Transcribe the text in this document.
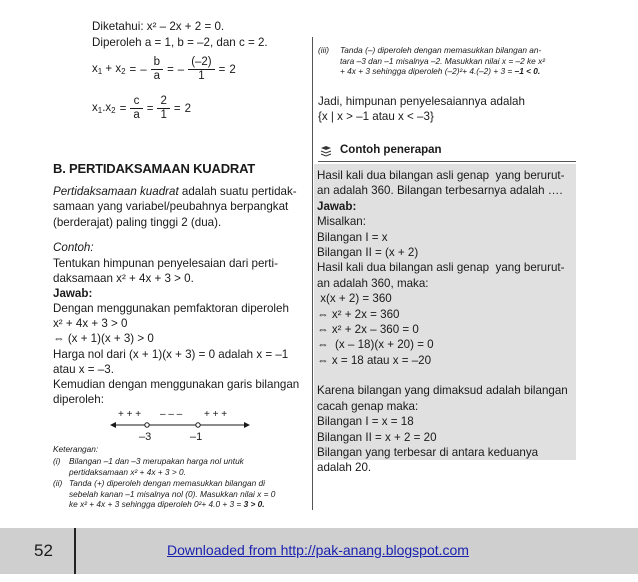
Diketahui: x² – 2x + 2 = 0.
Diperoleh a = 1, b = –2, dan c = 2.
$x_1 + x_2$ = – $\frac{b}{a}$ = – $\frac{(-2)}{1} = 2$
$x_1.x_2 = \frac{c}{a} = \frac{2}{1} = 2$
B. PERTIDAKSAMAAN KUADRAT
Pertidaksamaan kuadrat adalah suatu pertidak-
samaan yang variabel/peubahnya berpangkat
(berderajat) paling tinggi 2 (dua).
Contoh:
Tentukan himpunan penyelesaian dari perti-
daksamaan x² + 4x + 3 > 0.
Jawab:
Dengan menggunakan pemfaktoran diperoleh
x² + 4x + 3 > 0
⇔ (x + 1)(x + 3) > 0
Harga nol dari (x + 1)(x + 3) = 0 adalah x = –1
atau x = –3.
Kemudian dengan menggunakan garis bilangan
diperoleh:
+ + + – – – + + +
–3	–1
Keterangan:
(i) Bilangan –1 dan –3 merupakan harga nol untuk
pertidaksamaan x² + 4x + 3 > 0.
(ii) Tanda (+) diperoleh dengan memasukkan bilangan di
sebelah kanan –1 misalnya nol (0). Masukkan nilai x = 0
ke x² + 4x + 3 sehingga diperoleh 0²+ 4.0 + 3 = 3 > 0.
(iii) Tanda (–) diperoleh dengan memasukkan bilangan an-
tara –3 dan –1 misalnya –2. Masukkan nilai x = –2 ke x²
+ 4x + 3 sehingga diperoleh (–2)²+ 4.(–2) + 3 = –1 < 0.
Jadi, himpunan penyelesaiannya adalah
{x | x > –1 atau x < –3}
Contoh penerapan
Hasil kali dua bilangan asli genap  yang berurut-
an adalah 360. Bilangan terbesarnya adalah ….
Jawab:
Misalkan:
Bilangan I = x
Bilangan II = (x + 2)
Hasil kali dua bilangan asli genap  yang berurut-
an adalah 360, maka:
x(x + 2) = 360
⇔ x² + 2x = 360
⇔ x² + 2x – 360 = 0
⇔  (x – 18)(x + 20) = 0
⇔ x = 18 atau x = –20
Karena bilangan yang dimaksud adalah bilangan
cacah genap maka:
Bilangan I = x = 18
Bilangan II = x + 2 = 20
Bilangan yang terbesar di antara keduanya
adalah 20.
52	Downloaded from http://pak-anang.blogspot.com
